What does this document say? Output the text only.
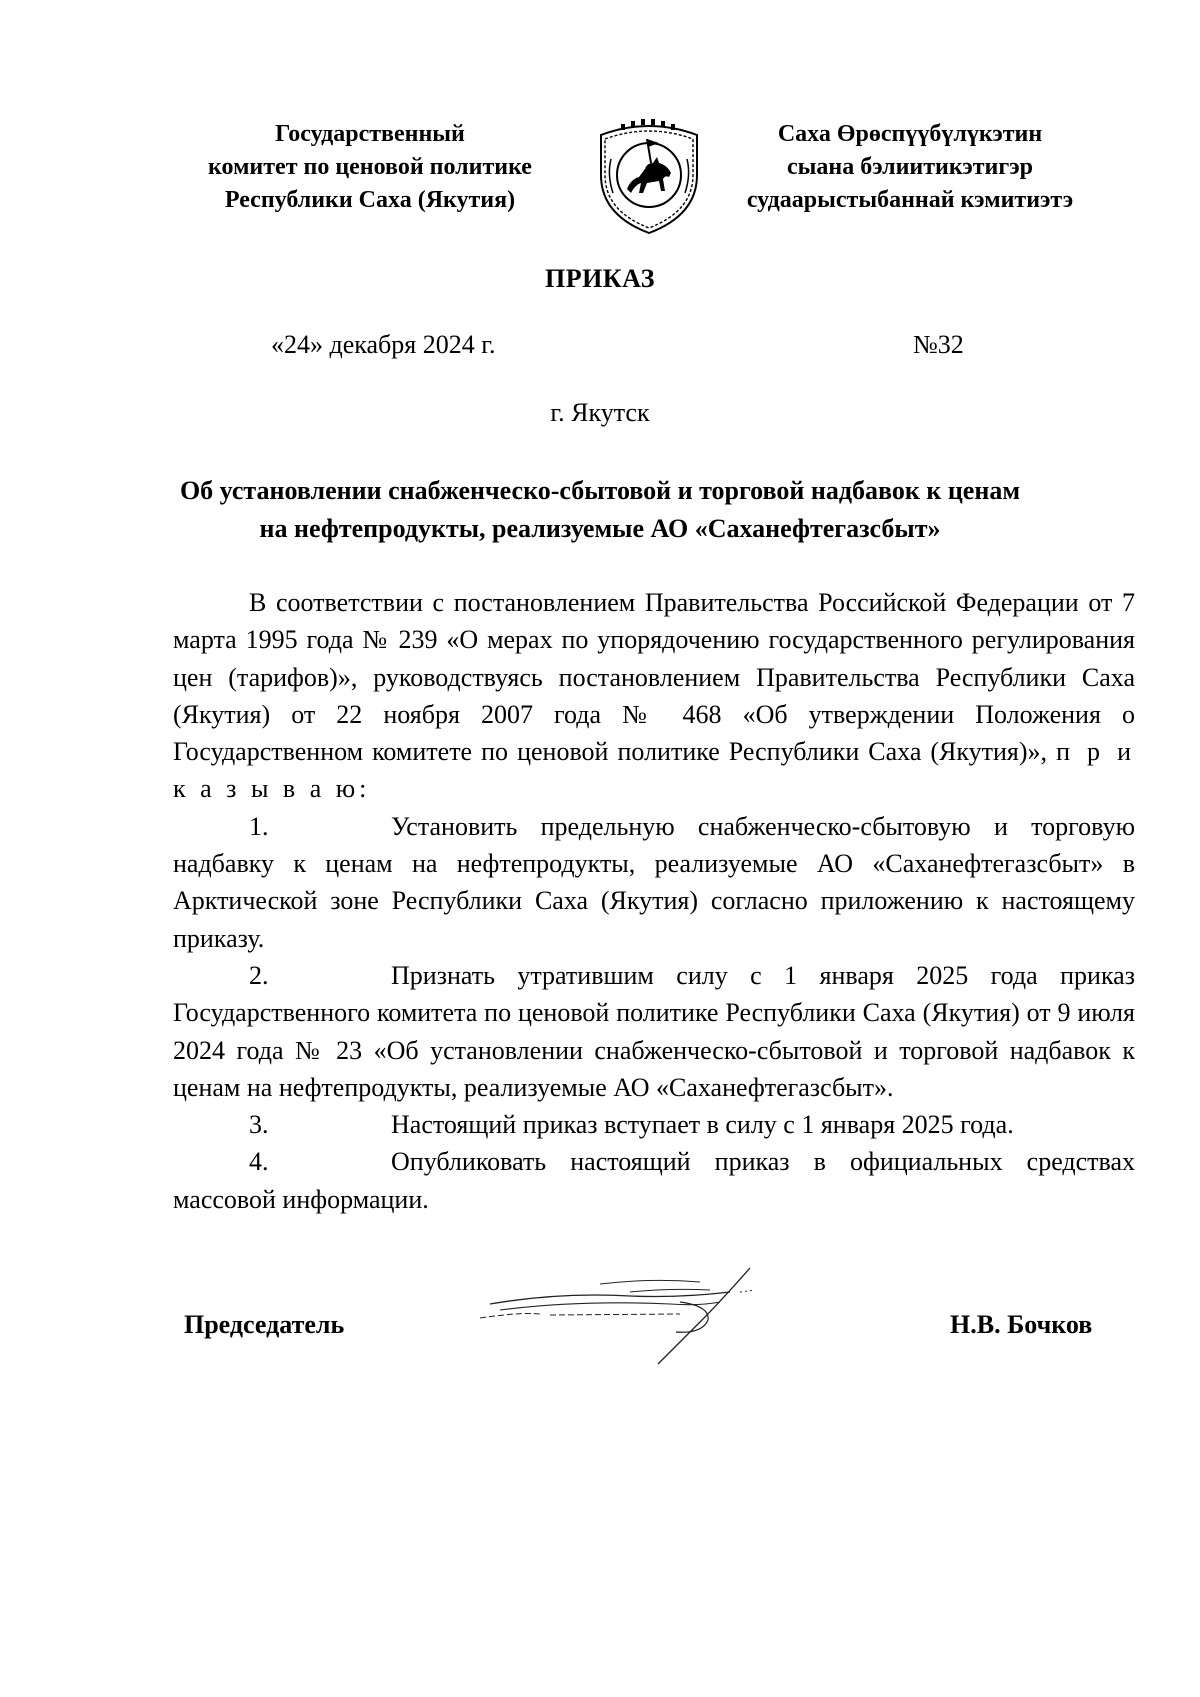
Государственный
комитет по ценовой политике
Республики Саха (Якутия)
Саха Өрөспүүбүлүкэтин
сыана бэлиитикэтигэр
судаарыстыбаннай кэмитиэтэ
ПРИКАЗ
«24» декабря 2024 г.	№32
г. Якутск
Об установлении снабженческо-сбытовой и торговой надбавок к ценам
на нефтепродукты, реализуемые АО «Саханефтегазсбыт»

В соответствии с постановлением Правительства Российской Федерации от 7 марта 1995 года № 239 «О мерах по упорядочению государственного регулирования цен (тарифов)», руководствуясь постановлением Правительства Республики Саха (Якутия) от 22 ноября 2007 года № 468 «Об утверждении Положения о Государственном комитете по ценовой политике Республики Саха (Якутия)», п р и к а з ы в а ю:

1.	Установить предельную снабженческо-сбытовую и торговую надбавку к ценам на нефтепродукты, реализуемые АО «Саханефтегазсбыт» в Арктической зоне Республики Саха (Якутия) согласно приложению к настоящему приказу.

2.	Признать утратившим силу с 1 января 2025 года приказ Государственного комитета по ценовой политике Республики Саха (Якутия) от 9 июля 2024 года № 23 «Об установлении снабженческо-сбытовой и торговой надбавок к ценам на нефтепродукты, реализуемые АО «Саханефтегазсбыт».

3.	Настоящий приказ вступает в силу с 1 января 2025 года.

4.	Опубликовать настоящий приказ в официальных средствах массовой информации.

Председатель	Н.В. Бочков
